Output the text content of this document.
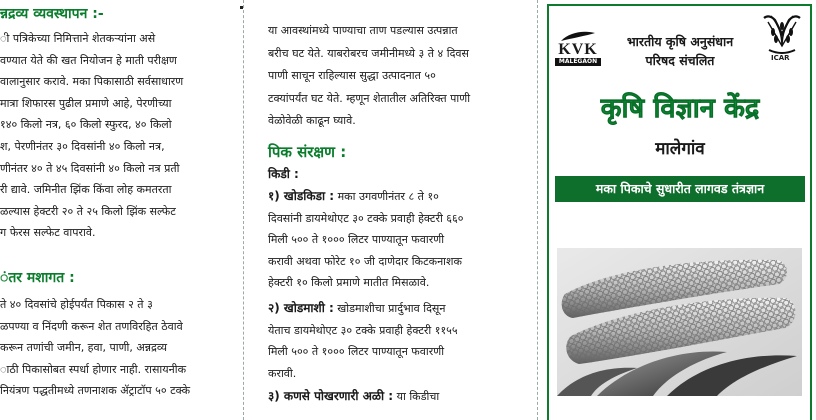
न्नद्रव्य व्यवस्थापन :-
ी पत्रिकेच्या निमित्ताने शेतकऱ्यांना असे
वण्यात येते की खत नियोजन हे माती परीक्षण
वालानुसार करावे. मका पिकासाठी सर्वसाधारण
मात्रा शिफारस पुढील प्रमाणे आहे, पेरणीच्या
१४० किलो नत्र, ६० किलो स्फुरद, ४० किलो
श, पेरणीनंतर ३० दिवसांनी ४० किलो नत्र,
णीनंतर ४० ते ४५ दिवसांनी ४० किलो नत्र प्रती
री द्यावे. जमिनीत झिंक किंवा लोह कमतरता
ळल्यास हेक्टरी २० ते २५ किलो झिंक सल्फेट
ग फेरस सल्फेट वापरावे.
ंतर मशागत :
ते ४० दिवसांचे होईपर्यंत पिकास २ ते ३
ळपण्या व निंदणी करून शेत तणविरहित ठेवावे
करून तणांची जमीन, हवा, पाणी, अन्नद्रव्य
ाठी पिकासोबत स्पर्धा होणार नाही. रासायनीक
नियंत्रण पद्धतीमध्ये तणनाशक ॲट्राटॉप ५० टक्के
या आवस्थांमध्ये पाण्याचा ताण पडल्यास उत्पन्नात
बरीच घट येते. याबरोबरच जमीनीमध्ये ३ ते ४ दिवस
पाणी साचून राहिल्यास सुद्धा उत्पादनात ५०
टक्यांपर्यंत घट येते. म्हणून शेतातील अतिरिक्त पाणी
वेळोवेळी काढून घ्यावे.
पिक संरक्षण :
किडी :
१) खोडकिडा : मका उगवणीनंतर ८ ते १०
दिवसांनी डायमेथोएट ३० टक्के प्रवाही हेक्टरी ६६०
मिली ५०० ते १००० लिटर पाण्यातून फवारणी
करावी अथवा फोरेट १० जी दाणेदार किटकनाशक
हेक्टरी १० किलो प्रमाणे मातीत मिसळावे.
२) खोडमाशी : खोडमाशीचा प्रार्दुभाव दिसून
येताच डायमेथोएट ३० टक्के प्रवाही हेक्टरी ११५५
मिली ५०० ते १००० लिटर पाण्यातून फवारणी
करावी.
३) कणसे पोखरणारी अळी : या किडीचा
KVK
MALEGAON
भारतीय कृषि अनुसंधान
परिषद संचलित	ICAR
कृषि विज्ञान केंद्र
मालेगांव
मका पिकाचे सुधारीत लागवड तंत्रज्ञान
